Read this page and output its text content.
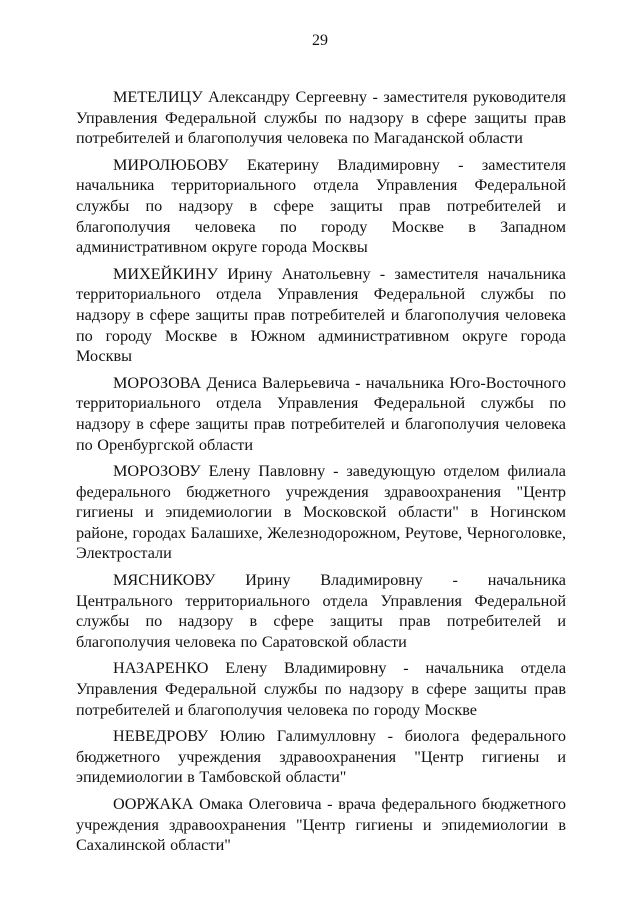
29

МЕТЕЛИЦУ Александру Сергеевну - заместителя руководителя Управления Федеральной службы по надзору в сфере защиты прав потребителей и благополучия человека по Магаданской области

МИРОЛЮБОВУ Екатерину Владимировну - заместителя начальника территориального отдела Управления Федеральной службы по надзору в сфере защиты прав потребителей и благополучия человека по городу Москве в Западном административном округе города Москвы

МИХЕЙКИНУ Ирину Анатольевну - заместителя начальника территориального отдела Управления Федеральной службы по надзору в сфере защиты прав потребителей и благополучия человека по городу Москве в Южном административном округе города Москвы

МОРОЗОВА Дениса Валерьевича - начальника Юго-Восточного территориального отдела Управления Федеральной службы по надзору в сфере защиты прав потребителей и благополучия человека по Оренбургской области

МОРОЗОВУ Елену Павловну - заведующую отделом филиала федерального бюджетного учреждения здравоохранения "Центр гигиены и эпидемиологии в Московской области" в Ногинском районе, городах Балашихе, Железнодорожном, Реутове, Черноголовке, Электростали

МЯСНИКОВУ Ирину Владимировну - начальника Центрального территориального отдела Управления Федеральной службы по надзору в сфере защиты прав потребителей и благополучия человека по Саратовской области

НАЗАРЕНКО Елену Владимировну - начальника отдела Управления Федеральной службы по надзору в сфере защиты прав потребителей и благополучия человека по городу Москве

НЕВЕДРОВУ Юлию Галимулловну - биолога федерального бюджетного учреждения здравоохранения "Центр гигиены и эпидемиологии в Тамбовской области"

ООРЖАКА Омака Олеговича - врача федерального бюджетного учреждения здравоохранения "Центр гигиены и эпидемиологии в Сахалинской области"
